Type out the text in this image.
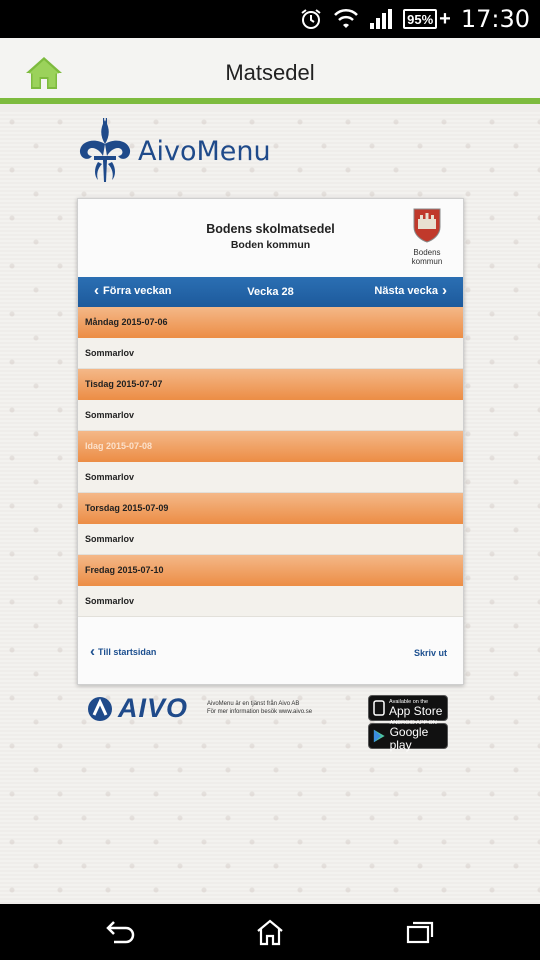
95% + 17:30
Matsedel
AivoMenu
Bodens skolmatsedel
Boden kommun
Bodens
kommun
‹ Förra veckan	Vecka 28	Nästa vecka ›
Måndag 2015-07-06
Sommarlov
Tisdag 2015-07-07
Sommarlov
Idag 2015-07-08
Sommarlov
Torsdag 2015-07-09
Sommarlov
Fredag 2015-07-10
Sommarlov
‹ Till startsidan	Skriv ut
AIVO	AivoMenu är en tjänst från Aivo AB
För mer information besök www.aivo.se
Available on the
App Store
ANDROID APP ON
Google play
